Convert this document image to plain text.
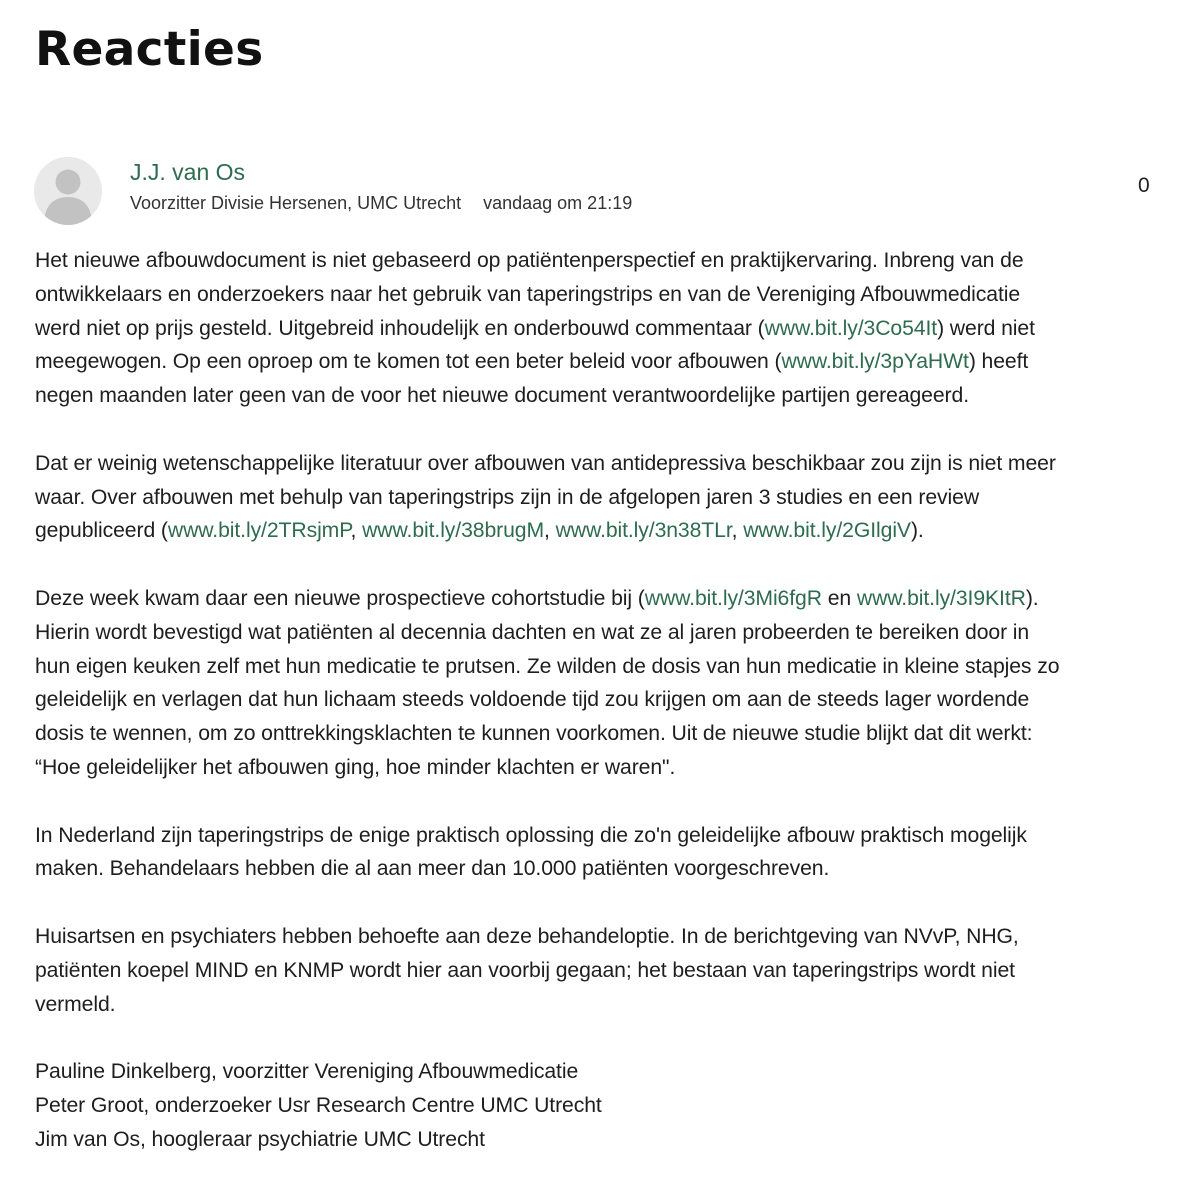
Reacties
J.J. van Os
Voorzitter Divisie Hersenen, UMC Utrecht vandaag om 21:19
0

Het nieuwe afbouwdocument is niet gebaseerd op patiëntenperspectief en praktijkervaring. Inbreng van de
ontwikkelaars en onderzoekers naar het gebruik van taperingstrips en van de Vereniging Afbouwmedicatie
werd niet op prijs gesteld. Uitgebreid inhoudelijk en onderbouwd commentaar (www.bit.ly/3Co54It) werd niet
meegewogen. Op een oproep om te komen tot een beter beleid voor afbouwen (www.bit.ly/3pYaHWt) heeft
negen maanden later geen van de voor het nieuwe document verantwoordelijke partijen gereageerd.

Dat er weinig wetenschappelijke literatuur over afbouwen van antidepressiva beschikbaar zou zijn is niet meer
waar. Over afbouwen met behulp van taperingstrips zijn in de afgelopen jaren 3 studies en een review
gepubliceerd (www.bit.ly/2TRsjmP, www.bit.ly/38brugM, www.bit.ly/3n38TLr, www.bit.ly/2GIlgiV).

Deze week kwam daar een nieuwe prospectieve cohortstudie bij (www.bit.ly/3Mi6fgR en www.bit.ly/3I9KItR).
Hierin wordt bevestigd wat patiënten al decennia dachten en wat ze al jaren probeerden te bereiken door in
hun eigen keuken zelf met hun medicatie te prutsen. Ze wilden de dosis van hun medicatie in kleine stapjes zo
geleidelijk en verlagen dat hun lichaam steeds voldoende tijd zou krijgen om aan de steeds lager wordende
dosis te wennen, om zo onttrekkingsklachten te kunnen voorkomen. Uit de nieuwe studie blijkt dat dit werkt:
“Hoe geleidelijker het afbouwen ging, hoe minder klachten er waren".

In Nederland zijn taperingstrips de enige praktisch oplossing die zo'n geleidelijke afbouw praktisch mogelijk
maken. Behandelaars hebben die al aan meer dan 10.000 patiënten voorgeschreven.

Huisartsen en psychiaters hebben behoefte aan deze behandeloptie. In de berichtgeving van NVvP, NHG,
patiënten koepel MIND en KNMP wordt hier aan voorbij gegaan; het bestaan van taperingstrips wordt niet
vermeld.

Pauline Dinkelberg, voorzitter Vereniging Afbouwmedicatie
Peter Groot, onderzoeker Usr Research Centre UMC Utrecht
Jim van Os, hoogleraar psychiatrie UMC Utrecht
